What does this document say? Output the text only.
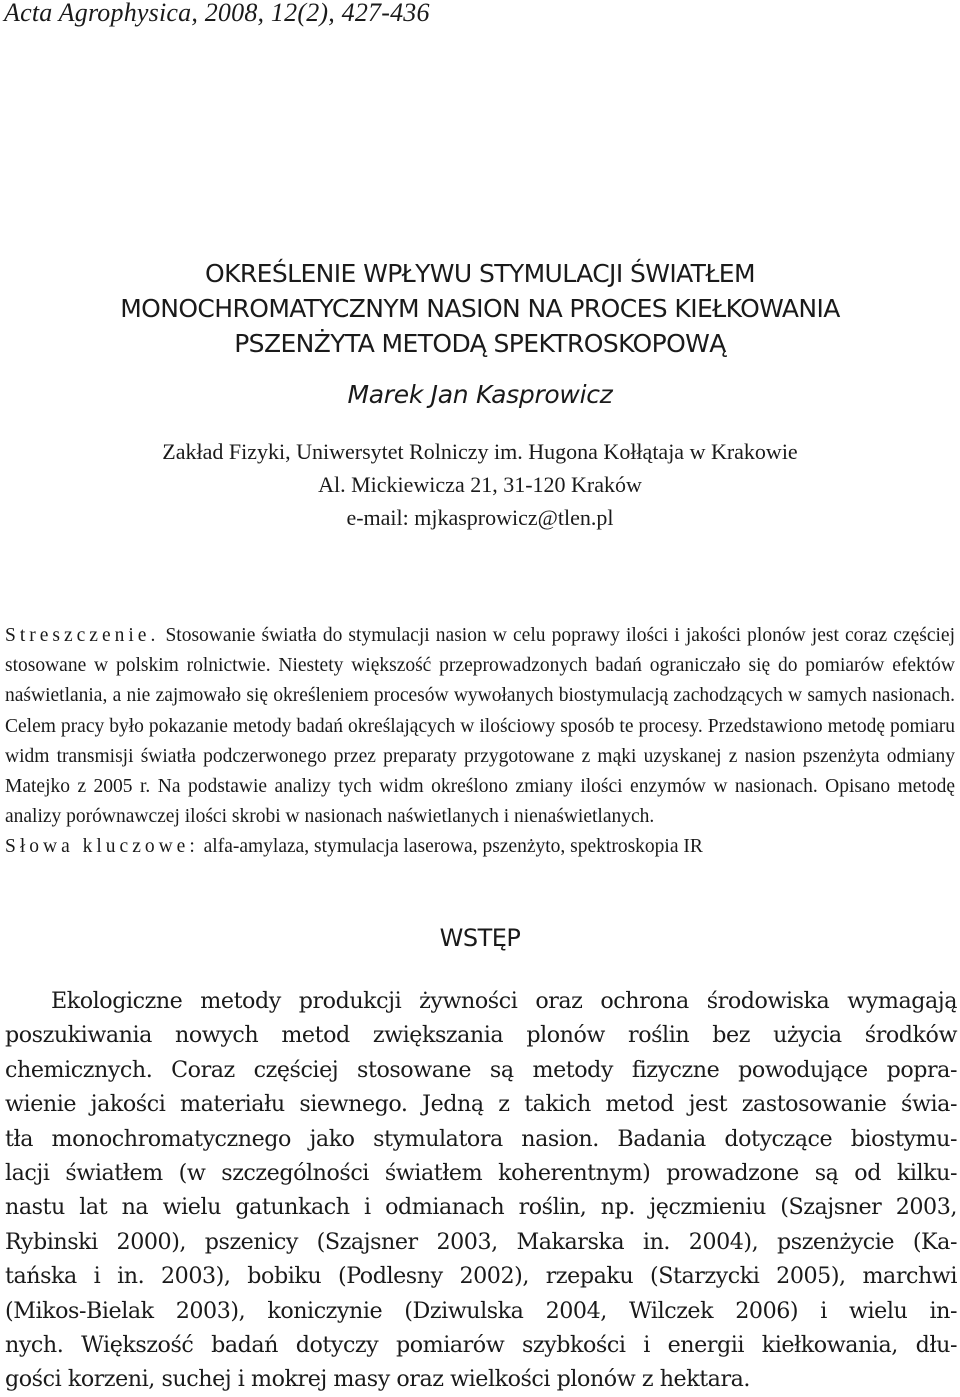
Acta Agrophysica, 2008, 12(2), 427-436
OKREŚLENIE WPŁYWU STYMULACJI ŚWIATŁEM
MONOCHROMATYCZNYM NASION NA PROCES KIEŁKOWANIA
PSZENŻYTA METODĄ SPEKTROSKOPOWĄ
Marek Jan Kasprowicz
Zakład Fizyki, Uniwersytet Rolniczy im. Hugona Kołłątaja w Krakowie
Al. Mickiewicza 21, 31-120 Kraków
e-mail: mjkasprowicz@tlen.pl

Streszczenie. Stosowanie światła do stymulacji nasion w celu poprawy ilości i jakości plonów jest coraz częściej stosowane w polskim rolnictwie. Niestety większość przeprowadzonych badań ograniczało się do pomiarów efektów naświetlania, a nie zajmowało się określeniem procesów wywołanych biostymulacją zachodzących w samych nasionach. Celem pracy było pokazanie metody badań określających w ilościowy sposób te procesy. Przedstawiono metodę pomiaru widm transmisji światła podczerwonego przez preparaty przygotowane z mąki uzyskanej z nasion pszenżyta odmiany Matejko z 2005 r. Na podstawie analizy tych widm określono zmiany ilości enzymów w nasionach. Opisano metodę analizy porównawczej ilości skrobi w nasionach naświetlanych i nienaświetlanych.

Słowa kluczowe: alfa-amylaza, stymulacja laserowa, pszenżyto, spektroskopia IR

WSTĘP
Ekologiczne metody produkcji żywności oraz ochrona środowiska wymagają
poszukiwania nowych metod zwiększania plonów roślin bez użycia środków
chemicznych. Coraz częściej stosowane są metody fizyczne powodujące popra-
wienie jakości materiału siewnego. Jedną z takich metod jest zastosowanie świa-
tła monochromatycznego jako stymulatora nasion. Badania dotyczące biostymu-
lacji światłem (w szczególności światłem koherentnym) prowadzone są od kilku-
nastu lat na wielu gatunkach i odmianach roślin, np. jęczmieniu (Szajsner 2003,
Rybinski 2000), pszenicy (Szajsner 2003, Makarska in. 2004), pszenżycie (Ka-
tańska i in. 2003), bobiku (Podlesny 2002), rzepaku (Starzycki 2005), marchwi
(Mikos-Bielak 2003), koniczynie (Dziwulska 2004, Wilczek 2006) i wielu in-
nych. Większość badań dotyczy pomiarów szybkości i energii kiełkowania, dłu-
gości korzeni, suchej i mokrej masy oraz wielkości plonów z hektara.
